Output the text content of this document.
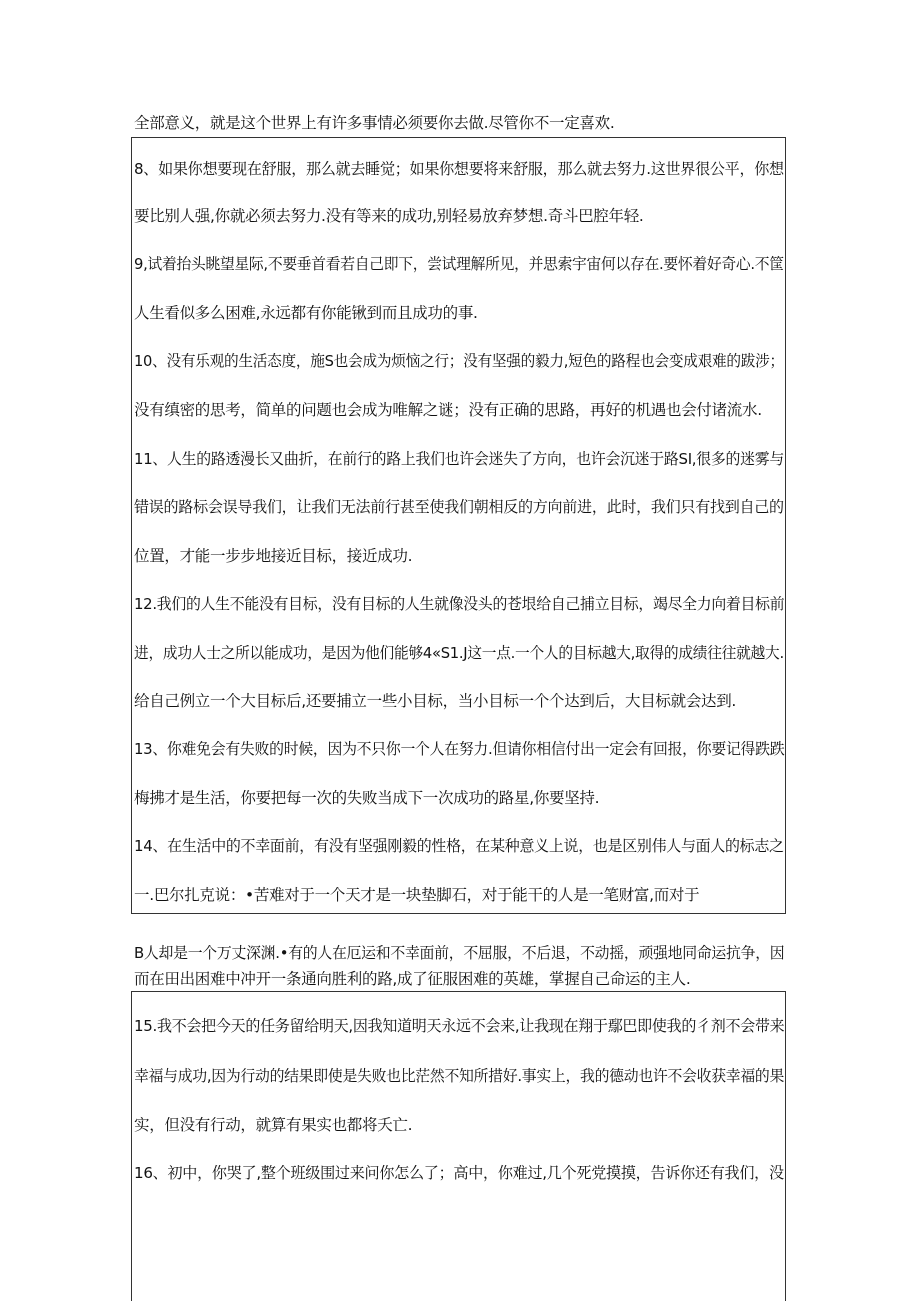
全部意义，就是这个世界上有许多事情必须要你去做.尽管你不一定喜欢.
8、如果你想要现在舒服，那么就去睡觉；如果你想要将来舒服，那么就去努力.这世界很公平，你想
要比别人强,你就必须去努力.没有等来的成功,别轻易放弃梦想.奇斗巴腔年轻.
9,试着抬头眺望星际,不要垂首看若自己即下，尝试理解所见，并思索宇宙何以存在.要怀着好奇心.不筐
人生看似多么困难,永远都有你能锹到而且成功的事.
10、没有乐观的生活态度，施S也会成为烦恼之行；没有坚强的毅力,短色的路程也会变成艰难的跋涉；
没有缜密的思考，简单的问题也会成为唯解之谜；没有正确的思路，再好的机遇也会付诸流水.
11、人生的路透漫长又曲折，在前行的路上我们也许会迷失了方向，也许会沉迷于路SI,很多的迷雾与
错误的路标会误导我们，让我们无法前行甚至使我们朝相反的方向前进，此时，我们只有找到自己的
位置，才能一步步地接近目标，接近成功.
12.我们的人生不能没有目标，没有目标的人生就像没头的苍垠给自己捕立目标，竭尽全力向着目标前
进，成功人士之所以能成功，是因为他们能够4«S1.J这一点.一个人的目标越大,取得的成绩往往就越大.
给自己例立一个大目标后,还要捕立一些小目标，当小目标一个个达到后，大目标就会达到.
13、你难免会有失败的时候，因为不只你一个人在努力.但请你相信付出一定会有回报，你要记得跌跌
梅拂才是生活，你要把每一次的失败当成下一次成功的路星,你要坚持.
14、在生活中的不幸面前，有没有坚强刚毅的性格，在某种意义上说，也是区别伟人与面人的标志之
一.巴尔扎克说：•苦难对于一个天才是一块垫脚石，对于能干的人是一笔财富,而对于
B人却是一个万丈深渊.•有的人在厄运和不幸面前，不屈服，不后退，不动摇，顽强地同命运抗争，因
而在田出困难中冲开一条通向胜利的路,成了征服困难的英雄，掌握自己命运的主人.
15.我不会把今天的任务留给明天,因我知道明天永远不会来,让我现在翔于鄢巴即使我的彳剂不会带来
幸福与成功,因为行动的结果即使是失败也比茫然不知所措好.事实上，我的德动也许不会收获幸福的果
实，但没有行动，就算有果实也都将夭亡.
16、初中，你哭了,整个班级围过来问你怎么了；高中，你难过,几个死党摸摸，告诉你还有我们，没
